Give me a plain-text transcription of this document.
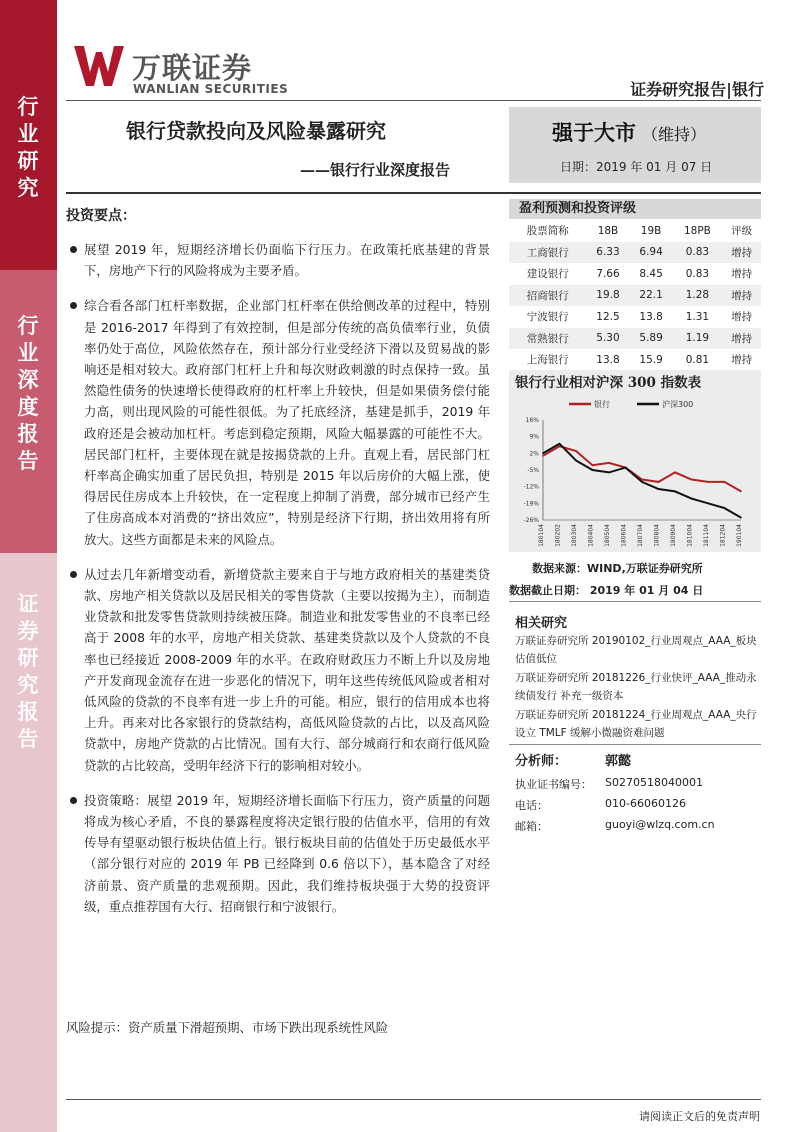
行业研究
行业深度报告
证券研究报告
万联证券
WANLIAN SECURITIES	证券研究报告|银行
银行贷款投向及风险暴露研究
——银行行业深度报告
强于大市 （维持）
日期：2019 年 01 月 07 日
投资要点：

展望 2019 年，短期经济增长仍面临下行压力。在政策托底基建的背景下，房地产下行的风险将成为主要矛盾。

综合看各部门杠杆率数据，企业部门杠杆率在供给侧改革的过程中，特别是 2016-2017 年得到了有效控制，但是部分传统的高负债率行业，负债率仍处于高位，风险依然存在，预计部分行业受经济下滑以及贸易战的影响还是相对较大。政府部门杠杆上升和每次财政刺激的时点保持一致。虽然隐性债务的快速增长使得政府的杠杆率上升较快，但是如果债务偿付能力高，则出现风险的可能性很低。为了托底经济，基建是抓手，2019 年政府还是会被动加杠杆。考虑到稳定预期，风险大幅暴露的可能性不大。居民部门杠杆，主要体现在就是按揭贷款的上升。直观上看，居民部门杠杆率高企确实加重了居民负担，特别是 2015 年以后房价的大幅上涨，使得居民住房成本上升较快，在一定程度上抑制了消费，部分城市已经产生了住房高成本对消费的“挤出效应”，特别是经济下行期，挤出效用将有所放大。这些方面都是未来的风险点。

从过去几年新增变动看，新增贷款主要来自于与地方政府相关的基建类贷款、房地产相关贷款以及居民相关的零售贷款（主要以按揭为主），而制造业贷款和批发零售贷款则持续被压降。制造业和批发零售业的不良率已经高于 2008 年的水平，房地产相关贷款、基建类贷款以及个人贷款的不良率也已经接近 2008-2009 年的水平。在政府财政压力不断上升以及房地产开发商现金流存在进一步恶化的情况下，明年这些传统低风险或者相对低风险的贷款的不良率有进一步上升的可能。相应，银行的信用成本也将上升。再来对比各家银行的贷款结构，高低风险贷款的占比，以及高风险贷款中，房地产贷款的占比情况。国有大行、部分城商行和农商行低风险贷款的占比较高，受明年经济下行的影响相对较小。

投资策略：展望 2019 年，短期经济增长面临下行压力，资产质量的问题将成为核心矛盾，不良的暴露程度将决定银行股的估值水平，信用的有效传导有望驱动银行板块估值上行。银行板块目前的估值处于历史最低水平（部分银行对应的 2019 年 PB 已经降到 0.6 倍以下），基本隐含了对经济前景、资产质量的悲观预期。因此，我们维持板块强于大势的投资评级，重点推荐国有大行、招商银行和宁波银行。

风险提示：资产质量下滑超预期、市场下跌出现系统性风险
盈利预测和投资评级
股票简称	18B	19B	18PB	评级
工商银行	6.33	6.94	0.83	增持
建设银行	7.66	8.45	0.83	增持
招商银行	19.8	22.1	1.28	增持
宁波银行	12.5	13.8	1.31	增持
常熟银行	5.30	5.89	1.19	增持
上海银行	13.8	15.9	0.81	增持
银行行业相对沪深 300 指数表
16%
9%
2%
-5%
-12%
-19%
-26%
180104 180202 180304 180404 180504 180604 180704 180804 180904 181004 181104 181204 190104
银行	沪深300
数据来源：WIND,万联证券研究所
数据截止日期： 2019 年 01 月 04 日
相关研究
万联证券研究所 20190102_行业周观点_AAA_板块估值低位
万联证券研究所 20181226_行业快评_AAA_推动永续债发行 补充一级资本
万联证券研究所 20181224_行业周观点_AAA_央行设立 TMLF 缓解小微融资难问题
分析师：	郭懿
执业证书编号： S0270518040001
电话：	010-66060126
邮箱：	guoyi@wlzq.com.cn
请阅读正文后的免责声明
